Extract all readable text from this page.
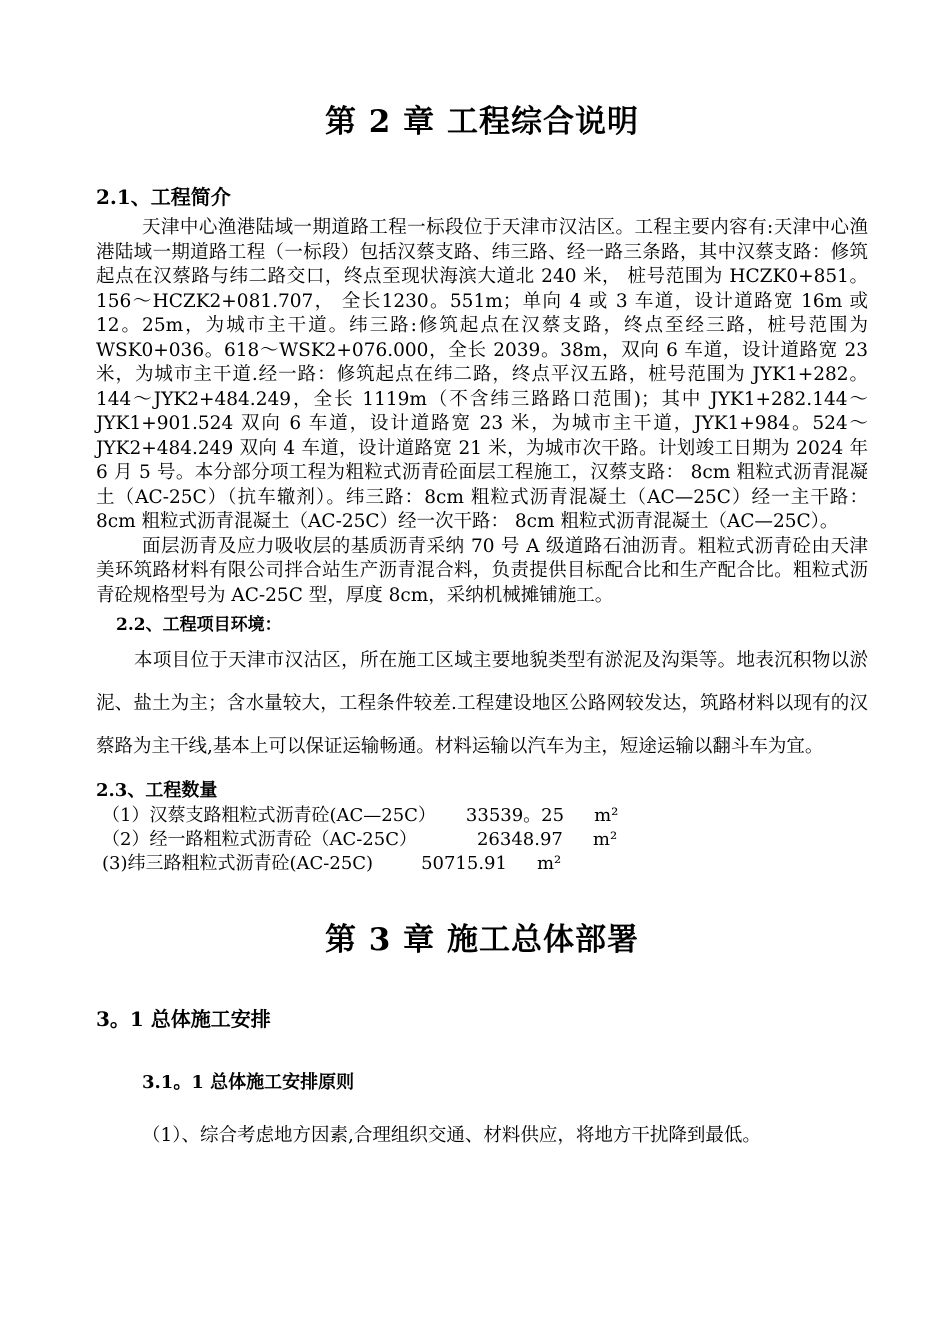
第 2 章 工程综合说明
2.1、工程简介

天津中心渔港陆域一期道路工程一标段位于天津市汉沽区。工程主要内容有:天津中心渔港陆域一期道路工程（一标段）包括汉蔡支路、纬三路、经一路三条路，其中汉蔡支路：修筑起点在汉蔡路与纬二路交口，终点至现状海滨大道北 240 米， 桩号范围为 HCZK0+851。 156～HCZK2+081.707， 全长1230。551m；单向 4 或 3 车道，设计道路宽 16m 或 12。25m，为城市主干道。纬三路:修筑起点在汉蔡支路，终点至经三路，桩号范围为 WSK0+036。618～WSK2+076.000，全长 2039。38m，双向 6 车道，设计道路宽 23 米，为城市主干道.经一路：修筑起点在纬二路，终点平汉五路，桩号范围为 JYK1+282。144～JYK2+484.249，全长 1119m（不含纬三路路口范围)；其中 JYK1+282.144～JYK1+901.524 双向 6 车道，设计道路宽 23 米，为城市主干道，JYK1+984。524～JYK2+484.249 双向 4 车道，设计道路宽 21 米，为城市次干路。计划竣工日期为 2024 年 6 月 5 号。本分部分项工程为粗粒式沥青砼面层工程施工，汉蔡支路： 8cm 粗粒式沥青混凝土（AC-25C）（抗车辙剂）。纬三路：8cm 粗粒式沥青混凝土（AC—25C）经一主干路： 8cm 粗粒式沥青混凝土（AC-25C）经一次干路： 8cm 粗粒式沥青混凝土（AC—25C）。

面层沥青及应力吸收层的基质沥青采纳 70 号 A 级道路石油沥青。粗粒式沥青砼由天津美环筑路材料有限公司拌合站生产沥青混合料，负责提供目标配合比和生产配合比。粗粒式沥青砼规格型号为 AC-25C 型，厚度 8cm，采纳机械摊铺施工。

2.2、工程项目环境：

本项目位于天津市汉沽区，所在施工区域主要地貌类型有淤泥及沟渠等。地表沉积物以淤泥、盐土为主；含水量较大，工程条件较差.工程建设地区公路网较发达，筑路材料以现有的汉蔡路为主干线,基本上可以保证运输畅通。材料运输以汽车为主，短途运输以翻斗车为宜。

2.3、工程数量
（1）汉蔡支路粗粒式沥青砼(AC—25C） 33539。25 m²
（2）经一路粗粒式沥青砼（AC-25C）	26348.97 m²
(3)纬三路粗粒式沥青砼(AC-25C)	50715.91 m²
第 3 章 施工总体部署
3。1 总体施工安排
3.1。1 总体施工安排原则

（1）、综合考虑地方因素,合理组织交通、材料供应，将地方干扰降到最低。
